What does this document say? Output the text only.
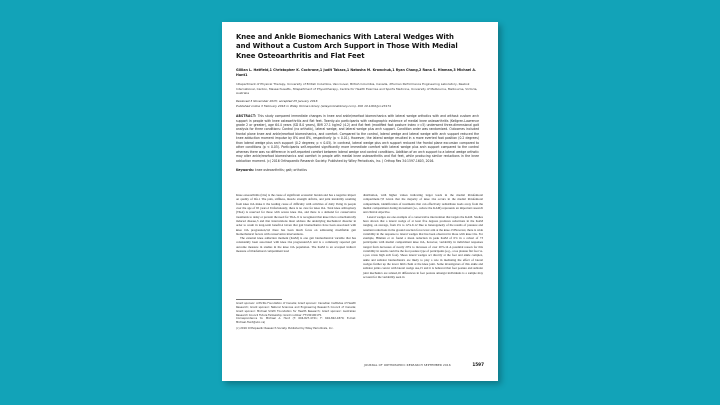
Knee and Ankle Biomechanics With Lateral Wedges With and Without a Custom Arch Support in Those With Medial Knee Osteoarthritis and Flat Feet
Gillian L. Hatfield,1 Christopher K. Cochrane,1 Judit Takacs,1 Natasha M. Krowchuk,1 Ryan Chang,2 Rana S. Hinman,3 Michael A. Hunt1
1Department of Physical Therapy, University of British Columbia, Vancouver, British Columbia, Canada, 2Human Performance Engineering Laboratory, Reebok International, Canton, Massachusetts, 3Department of Physiotherapy, Centre for Health Exercise and Sports Medicine, University of Melbourne, Melbourne, Victoria, Australia
Received 3 November 2015; accepted 25 January 2016
Published online 3 February 2016 in Wiley Online Library (wileyonlinelibrary.com). DOI 10.1002/jor.23174
ABSTRACT: This study compared immediate changes in knee and ankle/rearfoot biomechanics with lateral wedge orthotics with and without custom arch support in people with knee osteoarthritis and flat feet. Twenty-six participants with radiographic evidence of medial knee osteoarthritis (Kellgren-Lawrence grade 2 or greater), age 64.4 years (SD 8.0 years), BMI 27.1 kg/m2 (4.2) and flat feet (modified foot posture index >=5) underwent three-dimensional gait analysis for three conditions: Control (no orthotic), lateral wedge, and lateral wedge plus arch support. Condition order was randomized. Outcomes included frontal plane knee and ankle/rearfoot biomechanics, and comfort. Compared to the control, lateral wedge and lateral wedge with arch support reduced the knee adduction moment impulse by 8% and 8%, respectively (p < 0.01). However, the lateral wedge resulted in a more everted foot position (0.2 degrees) than lateral wedge plus arch support (0.2 degrees; p < 0.05). In contrast, lateral wedge plus arch support reduced the frontal plane excursion compared to other conditions (p < 0.05). Participants self-reported significantly more immediate comfort with lateral wedge plus arch support compared to the control whereas there was no difference in self-reported comfort between lateral wedge and control conditions. Addition of an arch support to a lateral wedge orthotic may alter ankle/rearfoot biomechanics and comfort in people with medial knee osteoarthritis and flat feet, while producing similar reductions in the knee adduction moment. (c) 2016 Orthopaedic Research Society. Published by Wiley Periodicals, Inc. J Orthop Res 34:1597-1603, 2016.
Keywords: knee osteoarthritis; gait; orthotics

Knee osteoarthritis (OA) is the cause of significant economic burden and has a negative impact on quality of life.1 The pain, stiffness, muscle strength deficits, and joint instability resulting from knee OA make it the leading cause of difficulty with activities of daily living in people over the age of 65 years.2 Unfortunately, there is no cure for knee OA. Total knee arthroplasty (TKA) is reserved for those with severe knee OA, and there is a demand for conservative treatments to delay or prevent the need for TKA. It is recognized that knee OA is a mechanically induced disease,3 and that interventions must address the underlying mechanical disorder in order to result in long-term benefit.4 Given that gait biomechanics have been associated with knee OA progression,5,6 there has been much focus on addressing modifiable gait biomechanical factors with conservative interventions.

The external knee adduction moment (KAM) is one gait biomechanical variable that has consistently been associated with knee OA progression5,6 and is a commonly reported gait outcome measure in studies in the knee OA population. The KAM is an accepted indirect measure of tibiofemoral compartment load

Grant sponsor: Arthritis Foundation of Canada; Grant sponsor: Canadian Institutes of Health Research; Grant sponsor: Natural Sciences and Engineering Research Council of Canada; Grant sponsor: Michael Smith Foundation for Health Research; Grant sponsor: Australian Research Council Future Fellowship; Grant number: FT130100175.
Correspondence to: Michael A. Hunt (T: 604-827-4721; F: 604-822-1870; E-mail: Michael.Hunt@ubc.ca)
(c) 2016 Orthopaedic Research Society. Published by Wiley Periodicals, Inc.

distribution, with higher values indicating larger loads in the medial tibiofemoral compartment.7,8 Given that the majority of knee OA occurs in the medial tibiofemoral compartment, identification of treatments that can effectively redistribute loads away from the medial compartment during movement (i.e., reduce the KAM) represents an important research and clinical objective.

Lateral wedges are one example of a conservative intervention that targets the KAM. Studies have shown that a lateral wedge of at least five degrees produces reductions in the KAM ranging, on average, from 4% to 12%.9-12 Due to heterogeneity of the results of pressure and resultant reductions in the ground reaction force lever arm at the knee.13 However, there is wide variability in the response to lateral wedges that has been observed in those with knee OA. For example, Hinman et al. found a mean reduction in peak KAM of 6% in a cohort of 73 participants with medial compartment knee OA, however, variability in individual responses ranged from decreases of nearly 20% to increases of over 20%.14 A potential reason for this variability in results could be the foot posture type of participants (e.g., a toe plateau flat foot vs. a pes cavus high arch foot). Shoes lateral wedges act directly at the foot and ankle complex, ankle and subtalar biomechanics are likely to play a role in mediating the effect of lateral wedges further up the lower limb chain at the knee joint. Some investigators of this ankle and subtalar joints concur with lateral wedge use,15 and it is believed that foot posture and subtalar joint mechanics are related,16 differences in foot posture amongst individuals is a sample may account for the variability seen in

JOURNAL OF ORTHOPAEDIC RESEARCH SEPTEMBER 2016	1597
